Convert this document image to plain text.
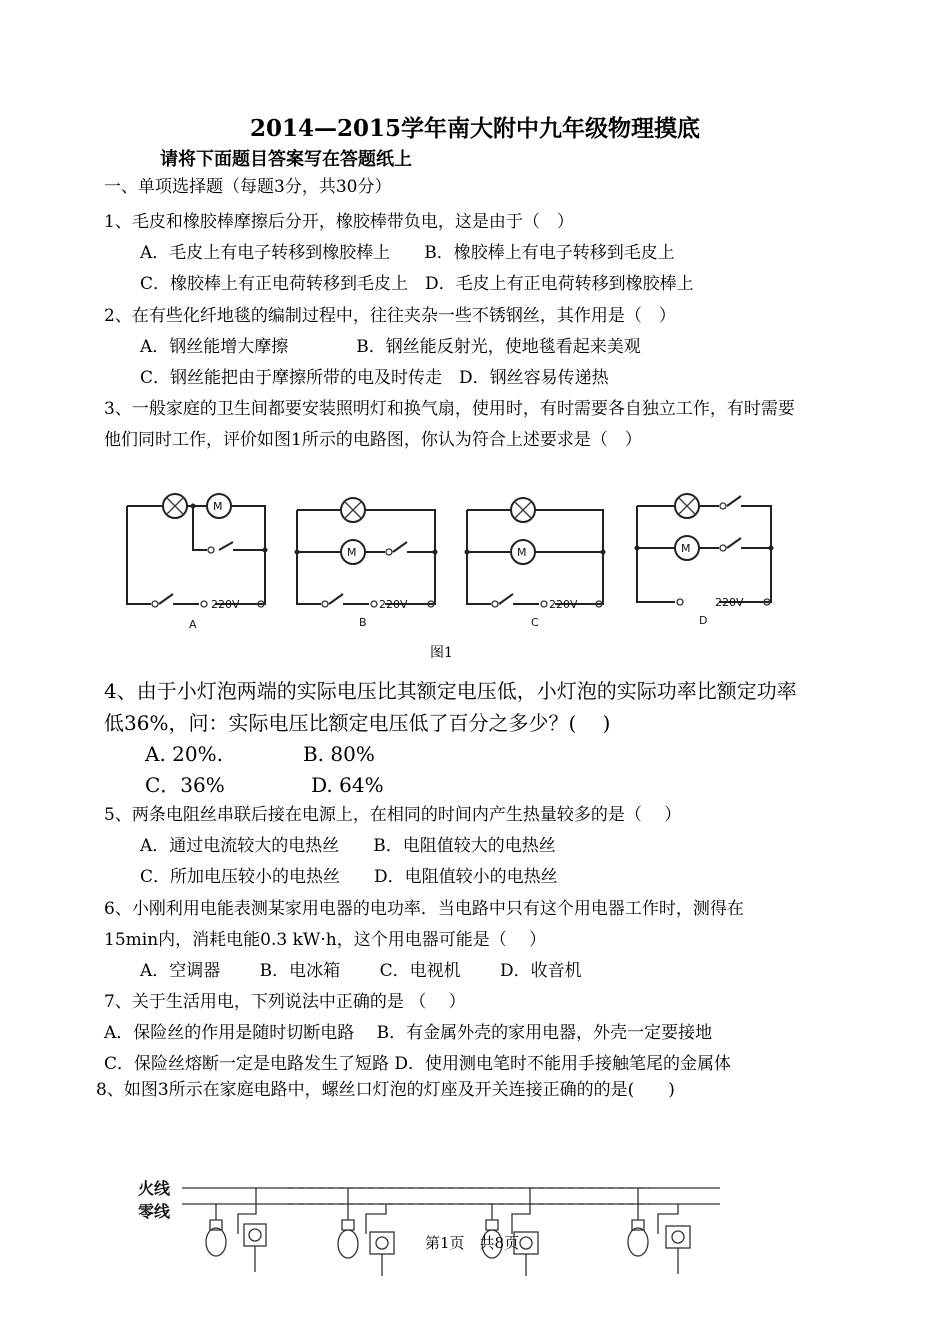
2014—2015学年南大附中九年级物理摸底
请将下面题目答案写在答题纸上
一、单项选择题（每题3分，共30分）
1、毛皮和橡胶棒摩擦后分开，橡胶棒带负电，这是由于（　）
A．毛皮上有电子转移到橡胶棒上　　B．橡胶棒上有电子转移到毛皮上
C．橡胶棒上有正电荷转移到毛皮上　D．毛皮上有正电荷转移到橡胶棒上
2、在有些化纤地毯的编制过程中，往往夹杂一些不锈钢丝，其作用是（　）
A．钢丝能增大摩擦　　　　B．钢丝能反射光，使地毯看起来美观
C．钢丝能把由于摩擦所带的电及时传走　D．钢丝容易传递热
3、一般家庭的卫生间都要安装照明灯和换气扇，使用时，有时需要各自独立工作，有时需要
他们同时工作，评价如图1所示的电路图，你认为符合上述要求是（　）
M
220V
A
M
220V
B
M
220V
C
M
220V
D
图1
4、由于小灯泡两端的实际电压比其额定电压低，小灯泡的实际功率比额定功率
低36%，问：实际电压比额定电压低了百分之多少？(　 )
A. 20%.　　　　B. 80%
C．36%　　　　 D. 64%
5、两条电阻丝串联后接在电源上，在相同的时间内产生热量较多的是（　 ）
A．通过电流较大的电热丝　　B．电阻值较大的电热丝
C．所加电压较小的电热丝　　D．电阻值较小的电热丝
6、小刚利用电能表测某家用电器的电功率．当电路中只有这个用电器工作时，测得在
15min内，消耗电能0.3 kW·h，这个用电器可能是（　 ）
A．空调器　　 B．电冰箱　　 C．电视机　　 D．收音机
7、关于生活用电，下列说法中正确的是 （　 ）
A．保险丝的作用是随时切断电路　 B．有金属外壳的家用电器，外壳一定要接地
C．保险丝熔断一定是电路发生了短路 D．使用测电笔时不能用手接触笔尾的金属体
8、如图3所示在家庭电路中，螺丝口灯泡的灯座及开关连接正确的的是(　　)
火线
零线
第1页　共8页
